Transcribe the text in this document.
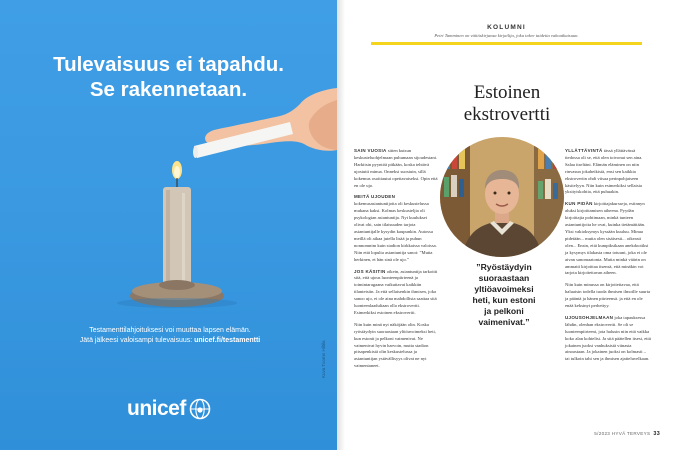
Tulevaisuus ei tapahdu.
Se rakennetaan.
Testamenttilahjoituksesi voi muuttaa lapsen elämän.
Jätä jälkeesi valoisampi tulevaisuus: unicef.fi/testamentti
unicef
Kuva Tuomo Hiltila
KOLUMNI
Petri Tamminen on väitöskirjansa kirjailija, joka tekee taidetta vakoatkaisuun.
Estoinen
ekstrovertti

SAIN VUOSIA sitten kutsun keskusteluohjelmaan puhumaan sijoudestani. Harkitsin pyyntöä pitkään, koska tehtävä ujostutti minua. Onneksi suostuin, sillä kokemus osoittautui opettavaiseksi. Opin että en ole ujo.

MEITÄ UJOUDEN kokemusasiantuntijoita oli keskustelussa mukana kaksi. Kolmas keskusteljia oli psykologian asiantuntija. Nyt kuuluksei olivat ohi, sain tilaisuuden tarjota asiantuntijalle kysydin kaupunkin. Autossa meillä oli aikaa jutella lisää ja puhun nonnomnim kuin stadion kirkkaissa valoissa. Niin että lopulta asiantuntija sanoi: ”Mutta herkinen, et hän sinä ole ujo.”

JOS KÄSITIN oikein, asiantuntija tarkoitti sitä, että ujous luonteenpiirteenä ja toimintaragaana vaikuttavat kaikkiin tilanteisiin. Ja että sellaisenkin ihmisen, joka sanoo ujo, ei ole aina mahdollista saattaa sitä luonteenlaadultaan olla ekstrovertti. Esimerkiksi estoinen ekstrovertti.

Niin kuin minä nyt näköjään olin. Koska ryöstäydyin suoraastaan yltiöavoimeksi heti, kun estonit ja pelkoni vaimenivat. Ne vaimenivat hyvin harvoin, mutta stadion pitsapenkistä olin keskustelussa ja asiantuntijan ystävällisyys olivat ne nyt vaimentaneet.

”Ryöstäydyin
suoraastaan
yltiöavoimeksi
heti, kun estoni
ja pelkoni
vaimenivat.”

YLLÄTTÄVINTÄ tässä yllättävässä tiedossa oli se, että olen toivonut sen aina. Salaa itseltäni. Elämän eläminen on niin rinvasun jokaheikistä, ensi sen kaikkia ekstrovertin ohdi viisaa perinpohjaiseen käsitelyyn. Niin kuin esimerkiksi sellaisia yksityiskohtia, että puhuakin.

KUN PIDÄN kirjoittajakursseja, esiinnyn aluksi kirjoittamisen aiheena. Pyydän kirjoittajia pohtimaan, minkä tunteen asiantuntijoita he ovat, kuinka tietämättään. Yksi vakioksymys kyssään kuuluu. Minua pidetään... mutta olen sisäisesti... oikeasti olen... Ensin, että kumpiksikaan anekdootiksi ja kysymys tilakasta oma totuuni, joka ei ole aivan sanomaatonta. Mutta minkä väärin on ammatti kirjoittaa itsensä, että minäkin voi tarjota kirjoitettavan aiheen.

Niin kuin minussa on kirjoitettavaa, että haluaisin todella tuoda ihmisen ilmoille suurta ja pääntä ja hänen piirteensä. ja että en ole enää keksinyt perhettyy.

UJOUSOHJELMAAN joka tapauksessa lähdin, olenhan ekstrovertti. Se oli se luonteenpiirteeni, jota halusin niin että vaikka koko alan kohtelisi. Ja sitä päätellen itsesi, että jokainen juoksi vanhuksistä viinasta ainoastaan. Ja jokainen juoksi on kolmasti – tai tulkoin tahi sen ja ihmisen ajatteluvelkaan.

5/2023 HYVÄ TERVEYS 33
